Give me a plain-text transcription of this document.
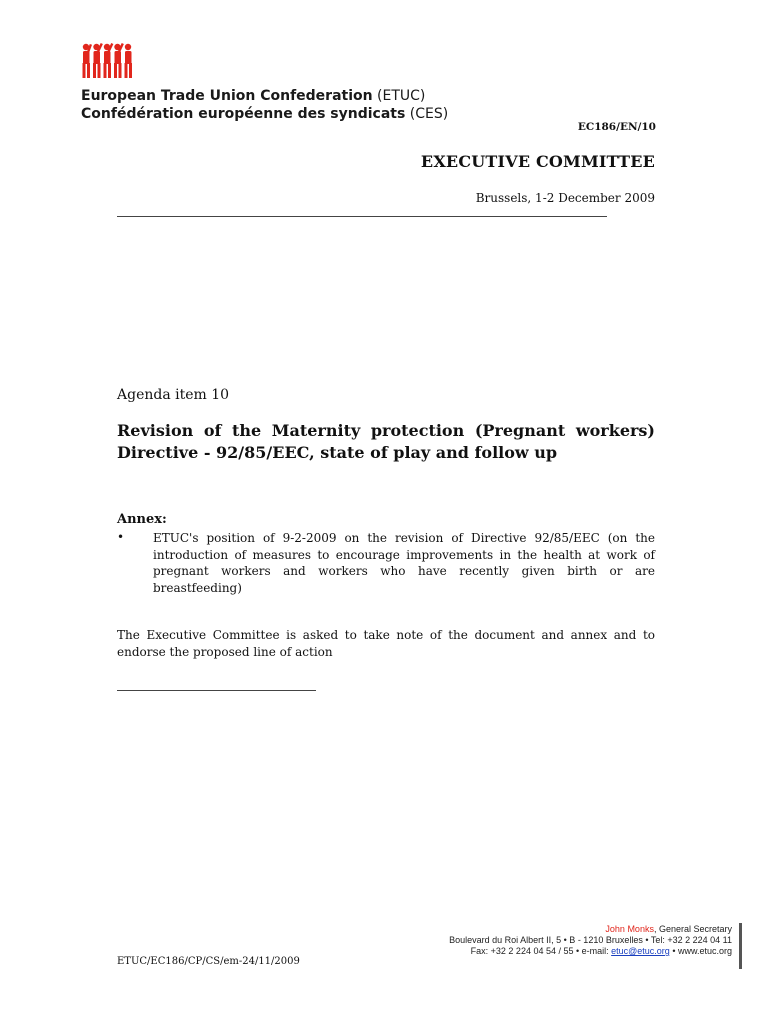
European Trade Union Confederation (ETUC)
Confédération européenne des syndicats (CES)
EC186/EN/10
EXECUTIVE COMMITTEE
Brussels, 1-2 December 2009
Agenda item 10
Revision of the Maternity protection (Pregnant workers) Directive - 92/85/EEC, state of play and follow up
Annex:
• ETUC's position of 9-2-2009 on the revision of Directive 92/85/EEC (on the introduction of measures to encourage improvements in the health at work of pregnant workers and workers who have recently given birth or are breastfeeding)
The Executive Committee is asked to take note of the document and annex and to endorse the proposed line of action
ETUC/EC186/CP/CS/em-24/11/2009
John Monks, General Secretary
Boulevard du Roi Albert II, 5 • B - 1210 Bruxelles • Tel: +32 2 224 04 11
Fax: +32 2 224 04 54 / 55 • e-mail: etuc@etuc.org • www.etuc.org
